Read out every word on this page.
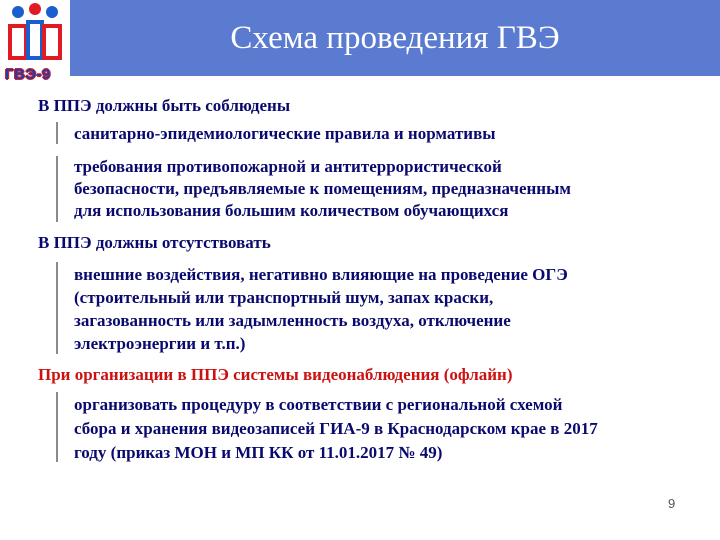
ГВЭ-9
Схема проведения ГВЭ
В ППЭ должны быть соблюдены
санитарно-эпидемиологические правила и нормативы
требования противопожарной и антитеррористической
безопасности, предъявляемые к помещениям, предназначенным
для использования большим количеством обучающихся
В ППЭ должны отсутствовать
внешние воздействия, негативно влияющие на проведение ОГЭ
(строительный или транспортный шум, запах краски,
загазованность или задымленность воздуха, отключение
электроэнергии и т.п.)
При организации в ППЭ системы видеонаблюдения (офлайн)
организовать процедуру в соответствии с региональной схемой
сбора и хранения видеозаписей ГИА-9 в Краснодарском крае в 2017
году (приказ МОН и МП КК от 11.01.2017 № 49)
9
